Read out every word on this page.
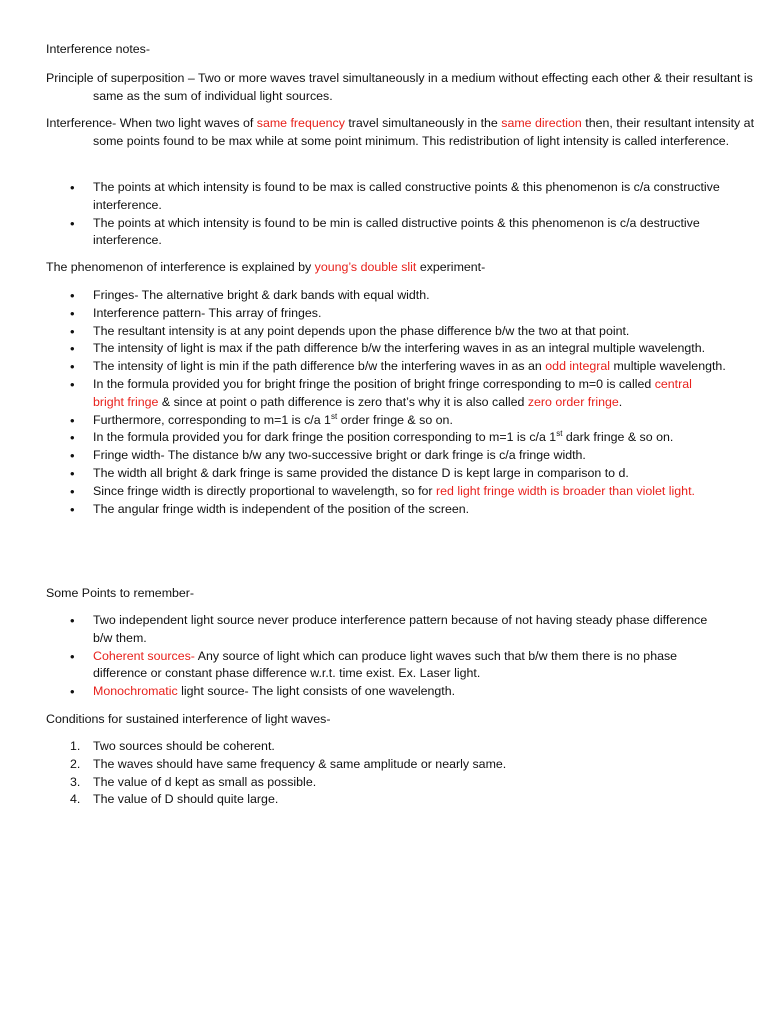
Interference notes-

Principle of superposition – Two or more waves travel simultaneously in a medium without effecting each other & their resultant is same as the sum of individual light sources.

Interference- When two light waves of same frequency travel simultaneously in the same direction then, their resultant intensity at some points found to be max while at some point minimum. This redistribution of light intensity is called interference.

• The points at which intensity is found to be max is called constructive points & this phenomenon is c/a constructive interference.
• The points at which intensity is found to be min is called distructive points & this phenomenon is c/a destructive interference.

The phenomenon of interference is explained by young’s double slit experiment-

• Fringes- The alternative bright & dark bands with equal width.
• Interference pattern- This array of fringes.
• The resultant intensity is at any point depends upon the phase difference b/w the two at that point.
• The intensity of light is max if the path difference b/w the interfering waves in as an integral multiple wavelength.
• The intensity of light is min if the path difference b/w the interfering waves in as an odd integral multiple wavelength.
• In the formula provided you for bright fringe the position of bright fringe corresponding to m=0 is called central bright fringe & since at point o path difference is zero that’s why it is also called zero order fringe.
• Furthermore, corresponding to m=1 is c/a 1st order fringe & so on.
• In the formula provided you for dark fringe the position corresponding to m=1 is c/a 1st dark fringe & so on.
• Fringe width- The distance b/w any two-successive bright or dark fringe is c/a fringe width.
• The width all bright & dark fringe is same provided the distance D is kept large in comparison to d.
• Since fringe width is directly proportional to wavelength, so for red light fringe width is broader than violet light.
• The angular fringe width is independent of the position of the screen.

Some Points to remember-

• Two independent light source never produce interference pattern because of not having steady phase difference b/w them.
• Coherent sources- Any source of light which can produce light waves such that b/w them there is no phase difference or constant phase difference w.r.t. time exist. Ex. Laser light.
• Monochromatic light source- The light consists of one wavelength.

Conditions for sustained interference of light waves-

1. Two sources should be coherent.
2. The waves should have same frequency & same amplitude or nearly same.
3. The value of d kept as small as possible.
4. The value of D should quite large.
